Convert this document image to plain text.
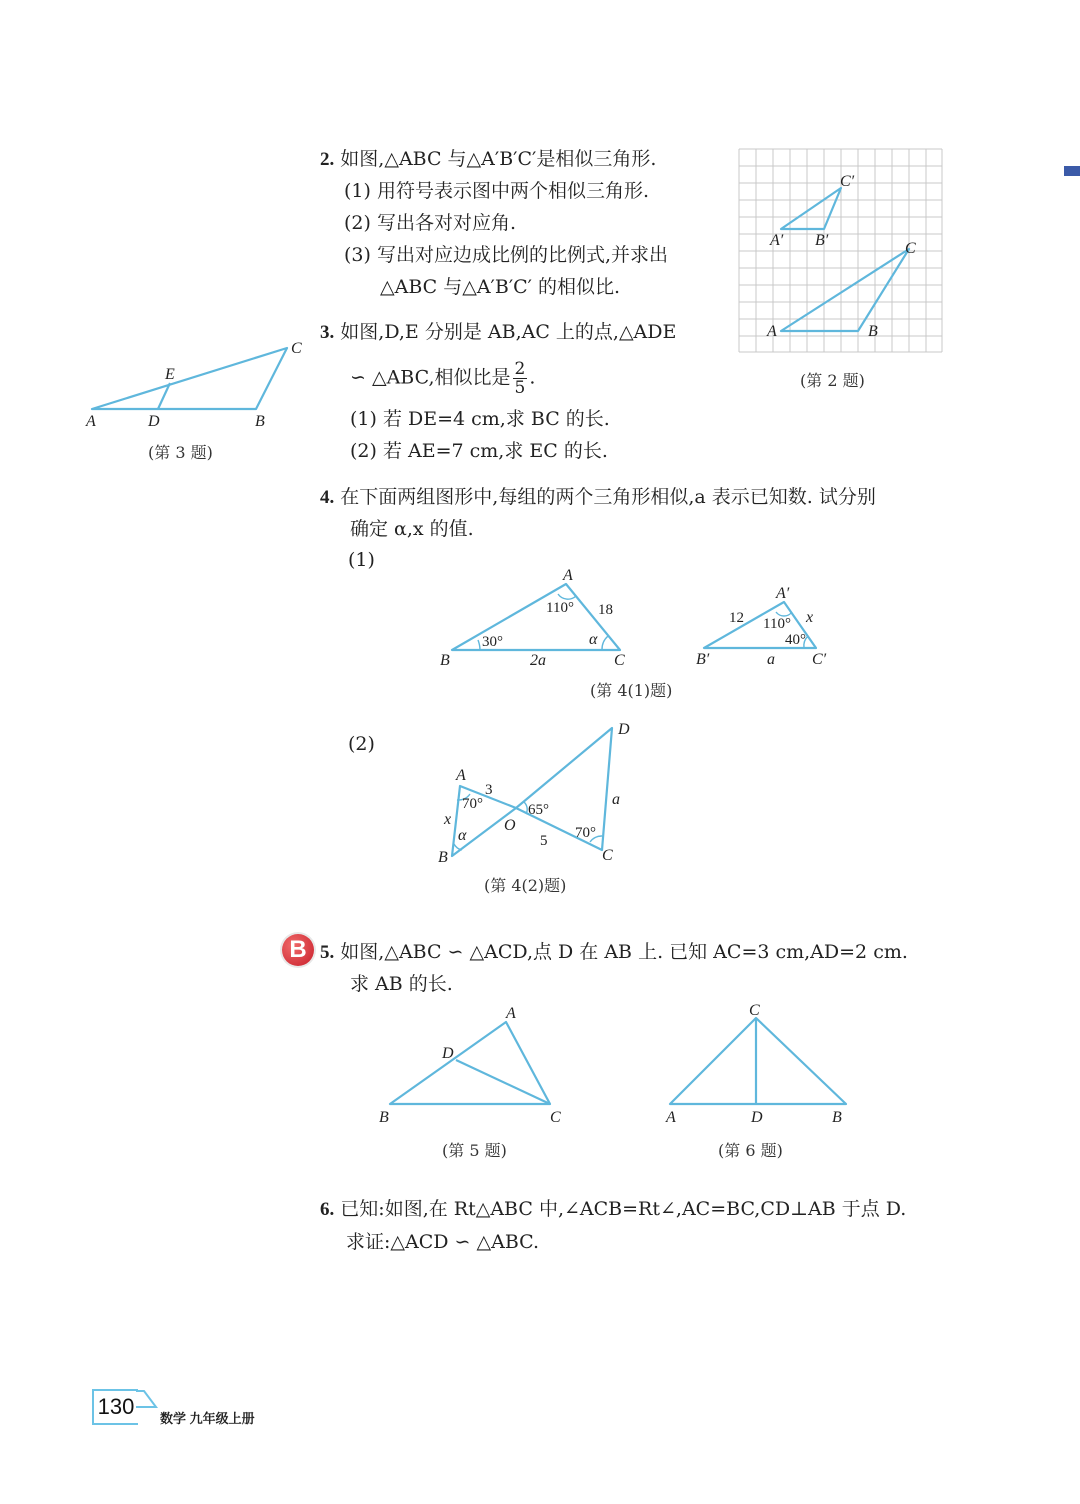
2. 如图,△ABC 与△A′B′C′是相似三角形.
(1) 用符号表示图中两个相似三角形.
(2) 写出各对对应角.
(3) 写出对应边成比例的比例式,并求出
△ABC 与△A′B′C′ 的相似比.
C′
A′ B′	C
A	B
(第 2 题)
3. 如图,D,E 分别是 AB,AC 上的点,△ADE
∽ △ABC,相似比是 $\frac{2}{5}$ .
(1) 若 DE=4 cm,求 BC 的长.
(2) 若 AE=7 cm,求 EC 的长.
A	D	B
C
E
(第 3 题)
4. 在下面两组图形中,每组的两个三角形相似,a 表示已知数. 试分别
确定 α,x 的值.
(1)
A
B	C
110°
30°	α
18
2a
A′
B′	C′
110°
40°
12	x
a
(第 4(1)题)
(2)
A
B	C
D
O
70°
α
65°
70°
3
x
5
a
(第 4(2)题)
B 5. 如图,△ABC ∽ △ACD,点 D 在 AB 上. 已知 AC=3 cm,AD=2 cm.
求 AB 的长.
A
B	C
D
(第 5 题)
C
A	D	B
(第 6 题)
6. 已知:如图,在 Rt△ABC 中,∠ACB=Rt∠,AC=BC,CD⊥AB 于点 D.
求证:△ACD ∽ △ABC.
130 数学 九年级上册
